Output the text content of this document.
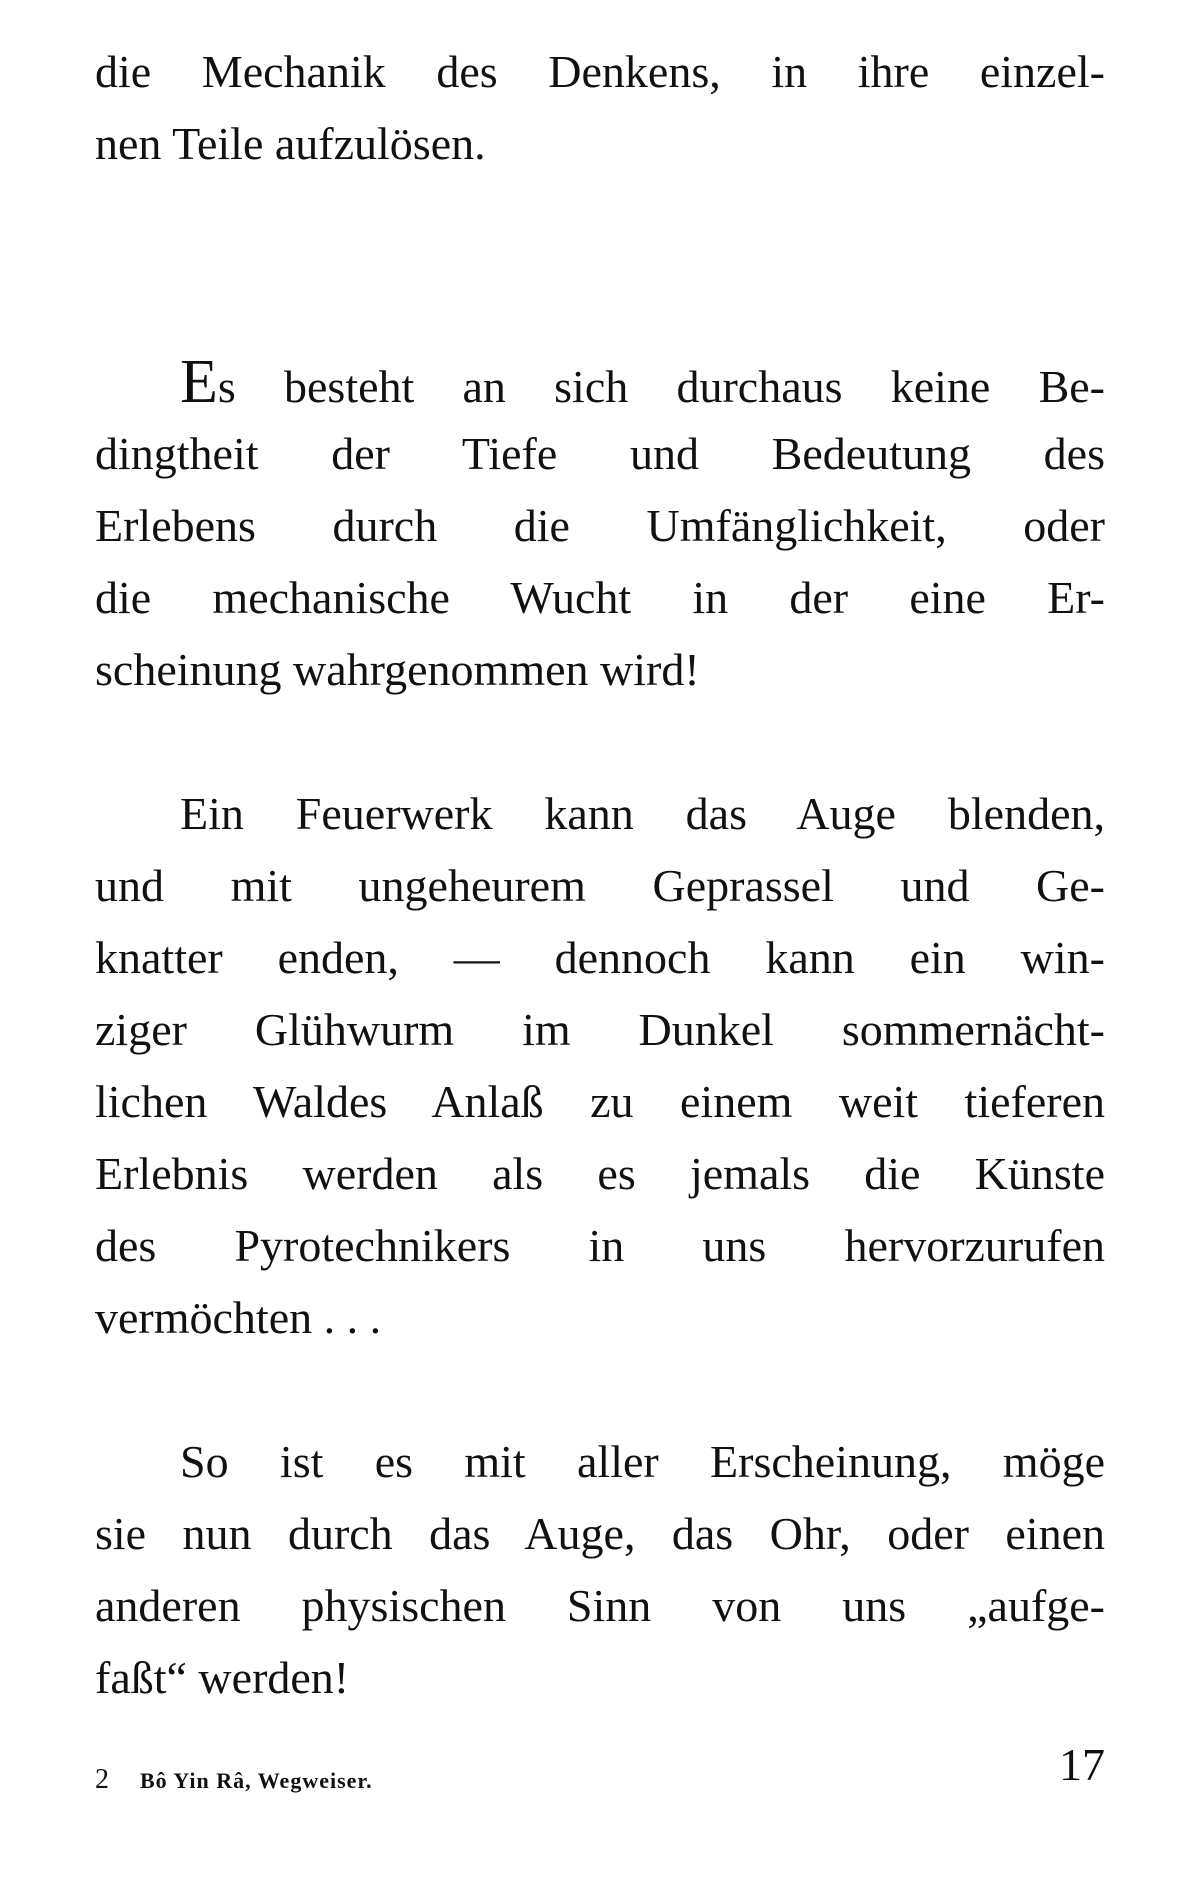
die Mechanik des Denkens, in ihre einzel-
nen Teile aufzulösen.
Es besteht an sich durchaus keine Be-
dingtheit der Tiefe und Bedeutung des
Erlebens durch die Umfänglichkeit, oder
die mechanische Wucht in der eine Er-
scheinung wahrgenommen wird!
Ein Feuerwerk kann das Auge blenden,
und mit ungeheurem Geprassel und Ge-
knatter enden, — dennoch kann ein win-
ziger Glühwurm im Dunkel sommernächt-
lichen Waldes Anlaß zu einem weit tieferen
Erlebnis werden als es jemals die Künste
des Pyrotechnikers in uns hervorzurufen
vermöchten . . .
So ist es mit aller Erscheinung, möge
sie nun durch das Auge, das Ohr, oder einen
anderen physischen Sinn von uns „aufge-
faßt“ werden!
2 Bô Yin Râ, Wegweiser.	17
